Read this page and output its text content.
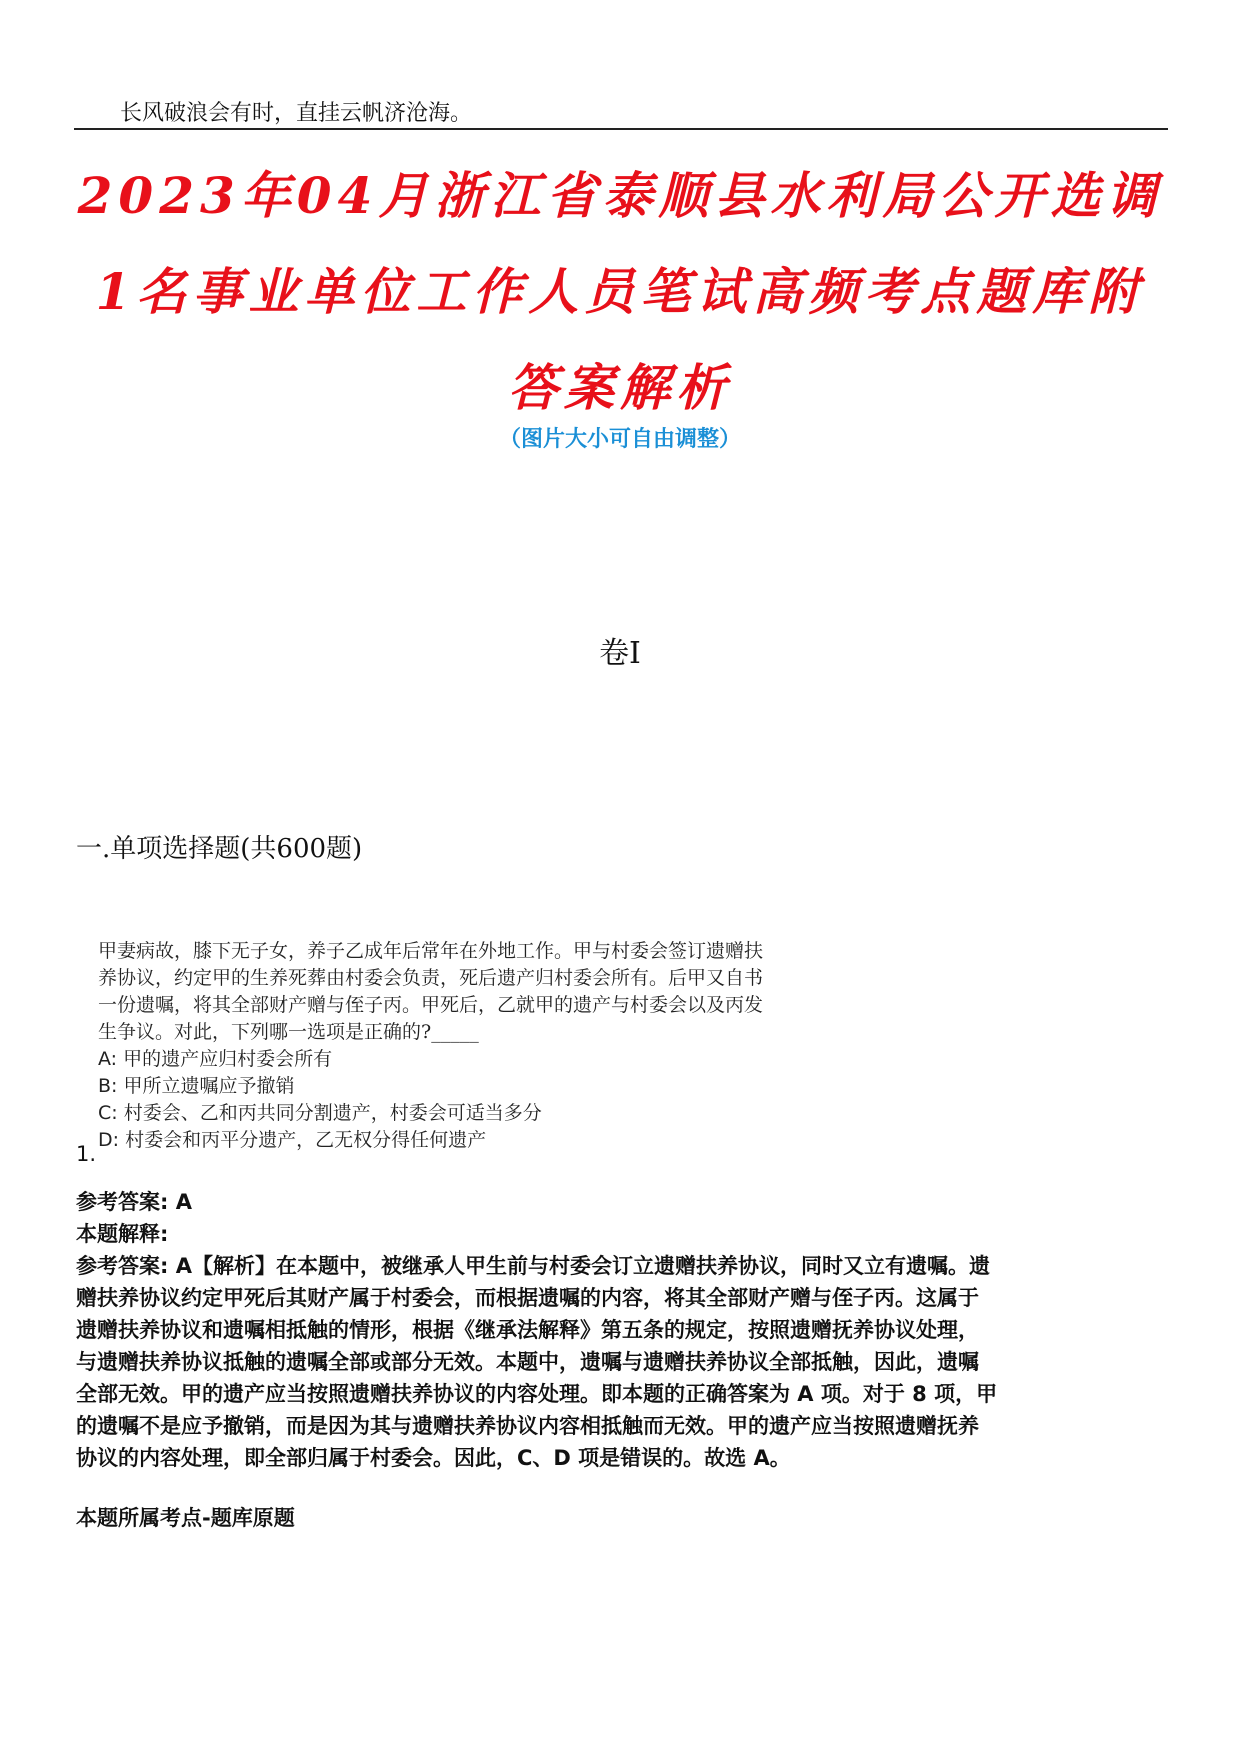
长风破浪会有时，直挂云帆济沧海。
2023年04月浙江省泰顺县水利局公开选调
1名事业单位工作人员笔试高频考点题库附
答案解析
（图片大小可自由调整）
卷I
一.单项选择题(共600题)
甲妻病故，膝下无子女，养子乙成年后常年在外地工作。甲与村委会签订遗赠扶
养协议，约定甲的生养死葬由村委会负责，死后遗产归村委会所有。后甲又自书
一份遗嘱，将其全部财产赠与侄子丙。甲死后，乙就甲的遗产与村委会以及丙发
生争议。对此，下列哪一选项是正确的?_____
A: 甲的遗产应归村委会所有
B: 甲所立遗嘱应予撤销
C: 村委会、乙和丙共同分割遗产，村委会可适当多分
D: 村委会和丙平分遗产，乙无权分得任何遗产
1.
参考答案: A
本题解释:
参考答案: A【解析】在本题中，被继承人甲生前与村委会订立遗赠扶养协议，同时又立有遗嘱。遗
赠扶养协议约定甲死后其财产属于村委会，而根据遗嘱的内容，将其全部财产赠与侄子丙。这属于
遗赠扶养协议和遗嘱相抵触的情形，根据《继承法解释》第五条的规定，按照遗赠抚养协议处理，
与遗赠扶养协议抵触的遗嘱全部或部分无效。本题中，遗嘱与遗赠扶养协议全部抵触，因此，遗嘱
全部无效。甲的遗产应当按照遗赠扶养协议的内容处理。即本题的正确答案为 A 项。对于 8 项，甲
的遗嘱不是应予撤销，而是因为其与遗赠扶养协议内容相抵触而无效。甲的遗产应当按照遗赠抚养
协议的内容处理，即全部归属于村委会。因此，C、D 项是错误的。故选 A。
本题所属考点-题库原题
